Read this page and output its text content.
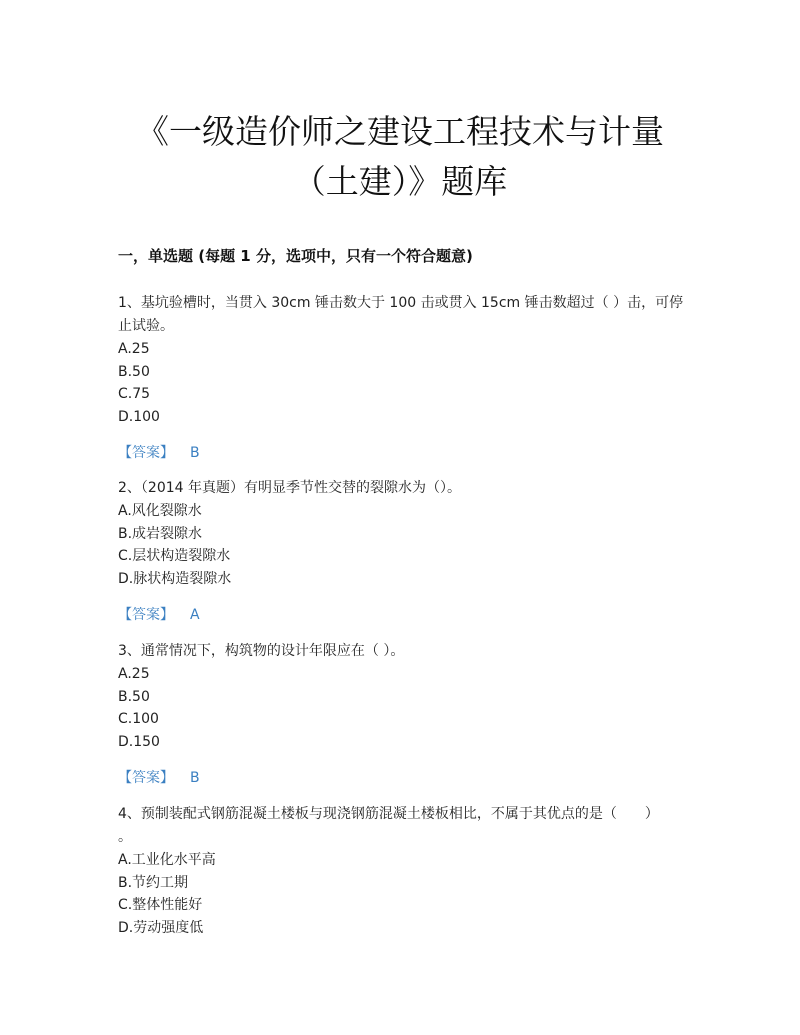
《一级造价师之建设工程技术与计量
（土建）》题库
一，单选题 (每题 1 分，选项中，只有一个符合题意)

1、基坑验槽时，当贯入 30cm 锤击数大于 100 击或贯入 15cm 锤击数超过（ ）击，可停

止试验。

A.25

B.50

C.75

D.100

【答案】 B

2、（2014 年真题）有明显季节性交替的裂隙水为（）。

A.风化裂隙水

B.成岩裂隙水

C.层状构造裂隙水

D.脉状构造裂隙水

【答案】 A

3、通常情况下，构筑物的设计年限应在（ ）。

A.25

B.50

C.100

D.150

【答案】 B

4、预制装配式钢筋混凝土楼板与现浇钢筋混凝土楼板相比，不属于其优点的是（　　）

。

A.工业化水平高

B.节约工期

C.整体性能好

D.劳动强度低
